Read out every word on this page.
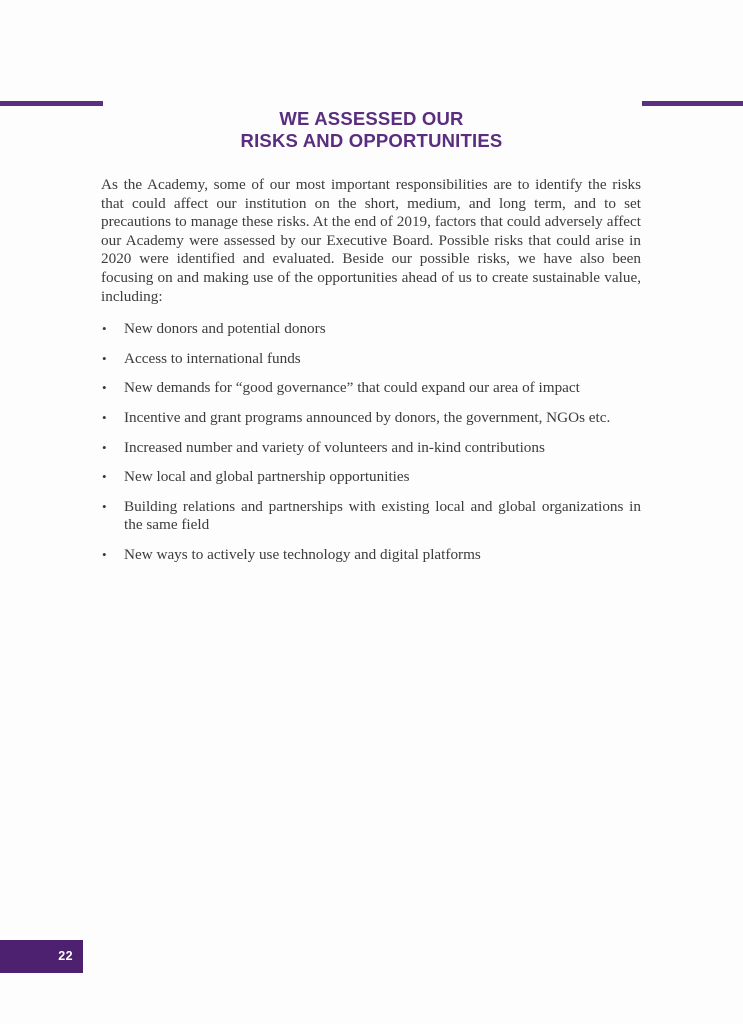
WE ASSESSED OUR
RISKS AND OPPORTUNITIES

As the Academy, some of our most important responsibilities are to identify the risks that could affect our institution on the short, medium, and long term, and to set precautions to manage these risks. At the end of 2019, factors that could adversely affect our Academy were assessed by our Executive Board. Possible risks that could arise in 2020 were identified and evaluated. Beside our possible risks, we have also been focusing on and making use of the opportunities ahead of us to create sustainable value, including:

• New donors and potential donors
• Access to international funds
• New demands for “good governance” that could expand our area of impact
• Incentive and grant programs announced by donors, the government, NGOs etc.
• Increased number and variety of volunteers and in-kind contributions
• New local and global partnership opportunities
• Building relations and partnerships with existing local and global organizations in the same field
• New ways to actively use technology and digital platforms
22
